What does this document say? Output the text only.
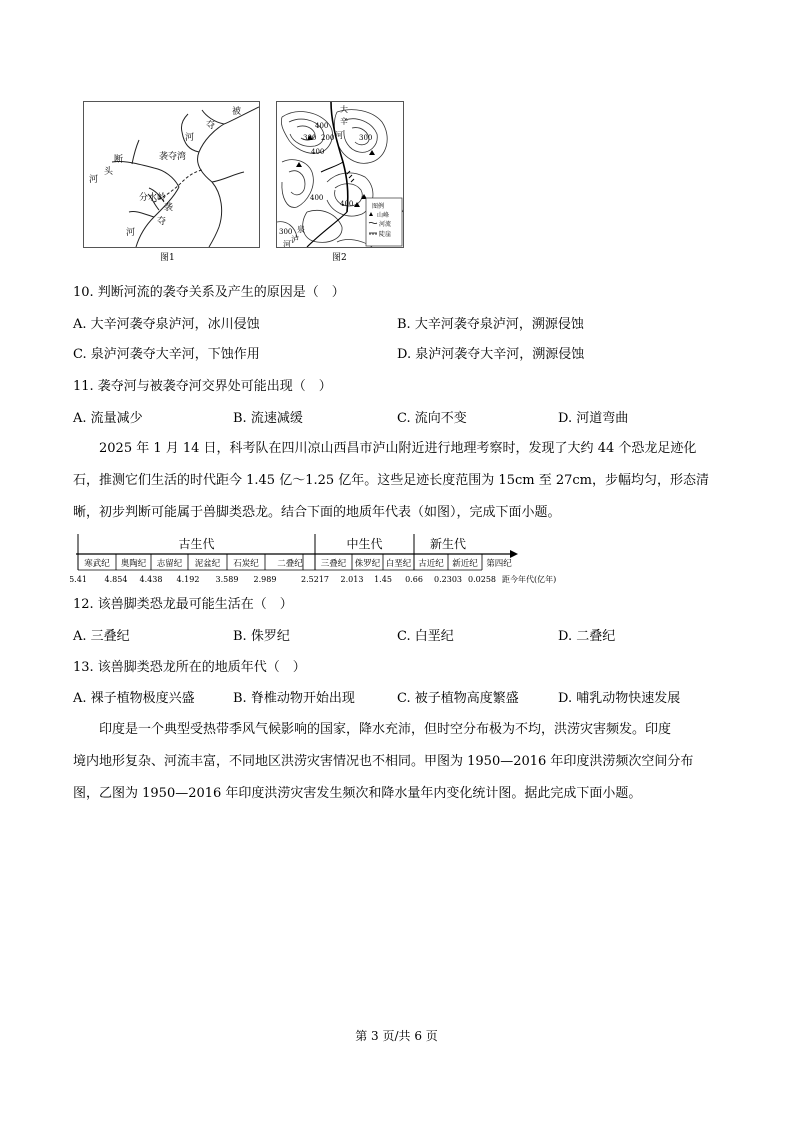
被
夺
河
断
头
袭夺湾
河
分水岭
袭
夺
河
图1
大
辛
河
400
300 200	300
400
400
400
300 泉
泸
河
图例
山峰
河流
陡崖
图2
10. 判断河流的袭夺关系及产生的原因是（　）
A. 大辛河袭夺泉泸河，冰川侵蚀	B. 大辛河袭夺泉泸河，溯源侵蚀
C. 泉泸河袭夺大辛河，下蚀作用	D. 泉泸河袭夺大辛河，溯源侵蚀
11. 袭夺河与被袭夺河交界处可能出现（　）
A. 流量减少	B. 流速减缓	C. 流向不变	D. 河道弯曲
2025 年 1 月 14 日，科考队在四川凉山西昌市泸山附近进行地理考察时，发现了大约 44 个恐龙足迹化
石，推测它们生活的时代距今 1.45 亿～1.25 亿年。这些足迹长度范围为 15cm 至 27cm，步幅均匀，形态清
晰，初步判断可能属于兽脚类恐龙。结合下面的地质年代表（如图），完成下面小题。
寒武纪 奥陶纪 志留纪 泥盆纪 石炭纪 二叠纪 三叠纪 侏罗纪 白垩纪 古近纪 新近纪 第四纪
古生代	中生代	新生代
5.41 4.854 4.438 4.192 3.589 2.989	2.5217 2.013 1.45 0.66 0.2303 0.0258 距今年代(亿年)
12. 该兽脚类恐龙最可能生活在（　）
A. 三叠纪	B. 侏罗纪	C. 白垩纪	D. 二叠纪
13. 该兽脚类恐龙所在的地质年代（　）
A. 裸子植物极度兴盛	B. 脊椎动物开始出现	C. 被子植物高度繁盛	D. 哺乳动物快速发展
印度是一个典型受热带季风气候影响的国家，降水充沛，但时空分布极为不均，洪涝灾害频发。印度
境内地形复杂、河流丰富，不同地区洪涝灾害情况也不相同。甲图为 1950—2016 年印度洪涝频次空间分布
图，乙图为 1950—2016 年印度洪涝灾害发生频次和降水量年内变化统计图。据此完成下面小题。
第 3 页/共 6 页
